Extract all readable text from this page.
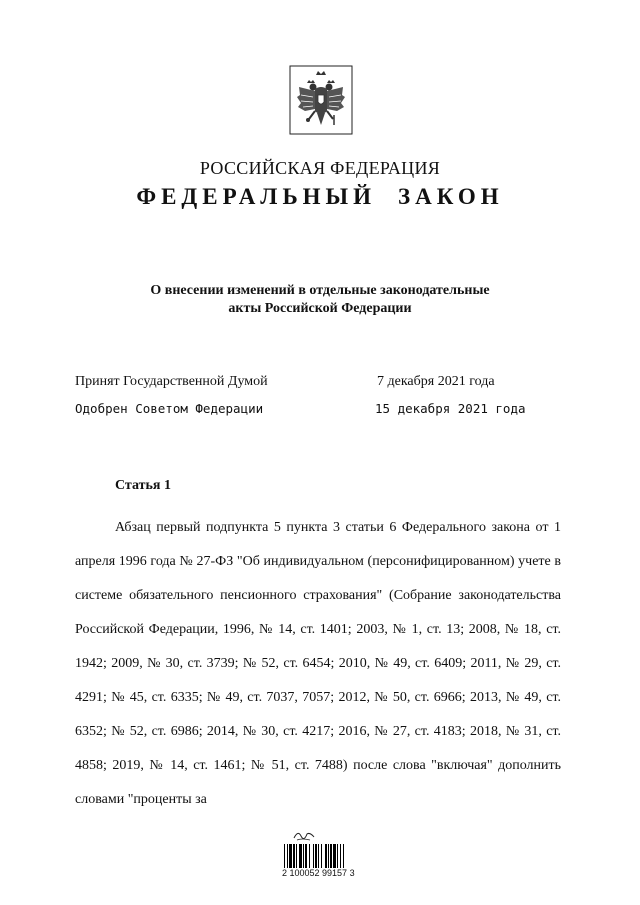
РОССИЙСКАЯ ФЕДЕРАЦИЯ
ФЕДЕРАЛЬНЫЙ ЗАКОН
О внесении изменений в отдельные законодательные
акты Российской Федерации
Принят Государственной Думой	7 декабря 2021 года
Одобрен Советом Федерации	15 декабря 2021 года
Статья 1

Абзац первый подпункта 5 пункта 3 статьи 6 Федерального закона от 1 апреля 1996 года № 27-ФЗ "Об индивидуальном (персонифицированном) учете в системе обязательного пенсионного страхования" (Собрание законодательства Российской Федерации, 1996, № 14, ст. 1401; 2003, № 1, ст. 13; 2008, № 18, ст. 1942; 2009, № 30, ст. 3739; № 52, ст. 6454; 2010, № 49, ст. 6409; 2011, № 29, ст. 4291; № 45, ст. 6335; № 49, ст. 7037, 7057; 2012, № 50, ст. 6966; 2013, № 49, ст. 6352; № 52, ст. 6986; 2014, № 30, ст. 4217; 2016, № 27, ст. 4183; 2018, № 31, ст. 4858; 2019, № 14, ст. 1461; № 51, ст. 7488) после слова "включая" дополнить словами "проценты за

2 100052 99157 3
